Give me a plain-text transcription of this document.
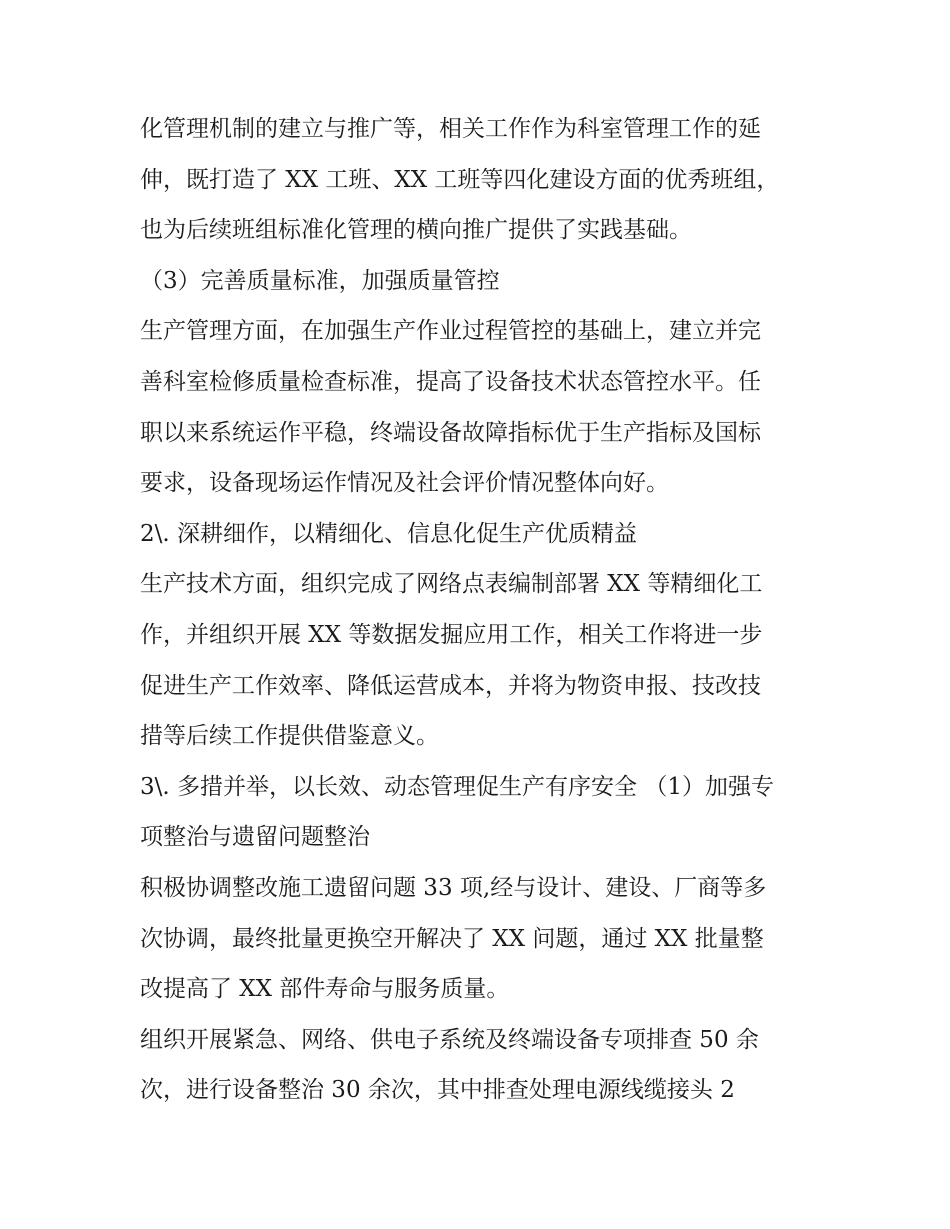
化管理机制的建立与推广等，相关工作作为科室管理工作的延
伸，既打造了 XX 工班、XX 工班等四化建设方面的优秀班组，
也为后续班组标准化管理的横向推广提供了实践基础。
（3）完善质量标准，加强质量管控
生产管理方面，在加强生产作业过程管控的基础上，建立并完
善科室检修质量检查标准，提高了设备技术状态管控水平。任
职以来系统运作平稳，终端设备故障指标优于生产指标及国标
要求，设备现场运作情况及社会评价情况整体向好。
2\. 深耕细作，以精细化、信息化促生产优质精益
生产技术方面，组织完成了网络点表编制部署 XX 等精细化工
作，并组织开展 XX 等数据发掘应用工作，相关工作将进一步
促进生产工作效率、降低运营成本，并将为物资申报、技改技
措等后续工作提供借鉴意义。
3\. 多措并举，以长效、动态管理促生产有序安全 （1）加强专
项整治与遗留问题整治
积极协调整改施工遗留问题 33 项,经与设计、建设、厂商等多
次协调，最终批量更换空开解决了 XX 问题，通过 XX 批量整
改提高了 XX 部件寿命与服务质量。
组织开展紧急、网络、供电子系统及终端设备专项排查 50 余
次，进行设备整治 30 余次，其中排查处理电源线缆接头 2
